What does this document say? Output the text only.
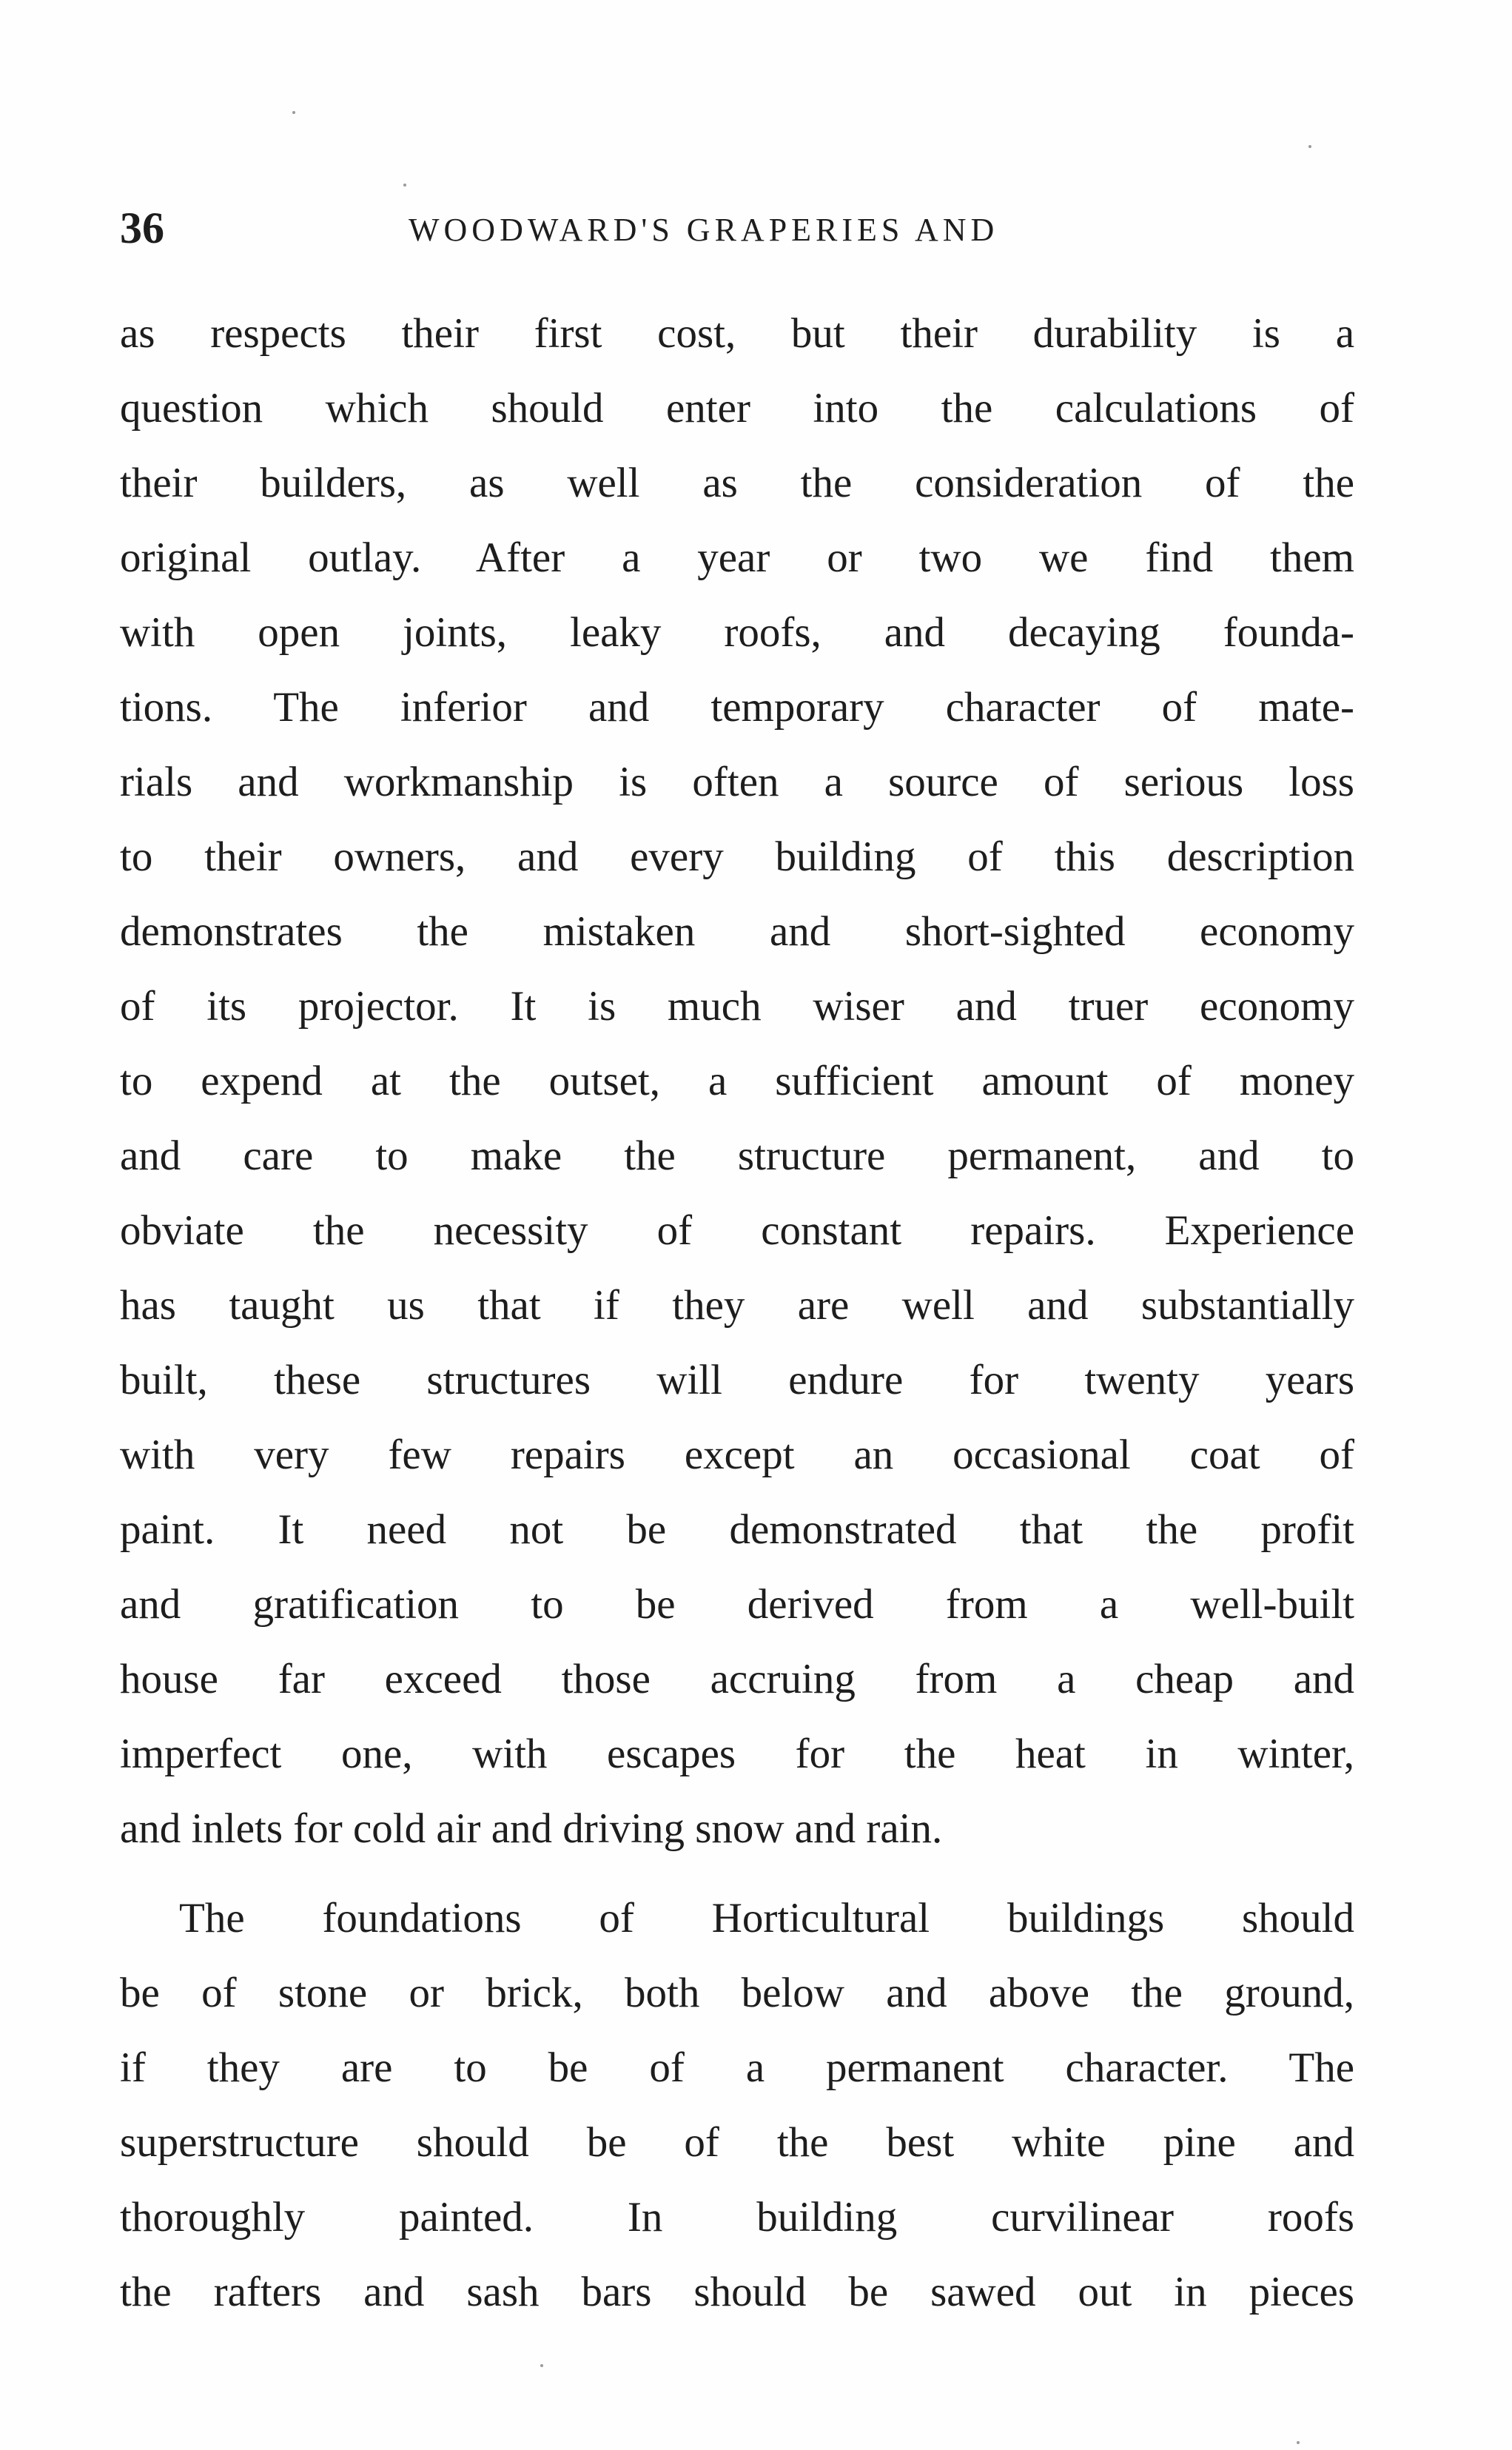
36	WOODWARD'S GRAPERIES AND
as respects their first cost, but their durability is a
question which should enter into the calculations of
their builders, as well as the consideration of the
original outlay. After a year or two we find them
with open joints, leaky roofs, and decaying founda-
tions. The inferior and temporary character of mate-
rials and workmanship is often a source of serious loss
to their owners, and every building of this description
demonstrates the mistaken and short-sighted economy
of its projector. It is much wiser and truer economy
to expend at the outset, a sufficient amount of money
and care to make the structure permanent, and to
obviate the necessity of constant repairs. Experience
has taught us that if they are well and substantially
built, these structures will endure for twenty years
with very few repairs except an occasional coat of
paint. It need not be demonstrated that the profit
and gratification to be derived from a well-built
house far exceed those accruing from a cheap and
imperfect one, with escapes for the heat in winter,
and inlets for cold air and driving snow and rain.
The foundations of Horticultural buildings should
be of stone or brick, both below and above the ground,
if they are to be of a permanent character. The
superstructure should be of the best white pine and
thoroughly painted. In building curvilinear roofs
the rafters and sash bars should be sawed out in pieces
